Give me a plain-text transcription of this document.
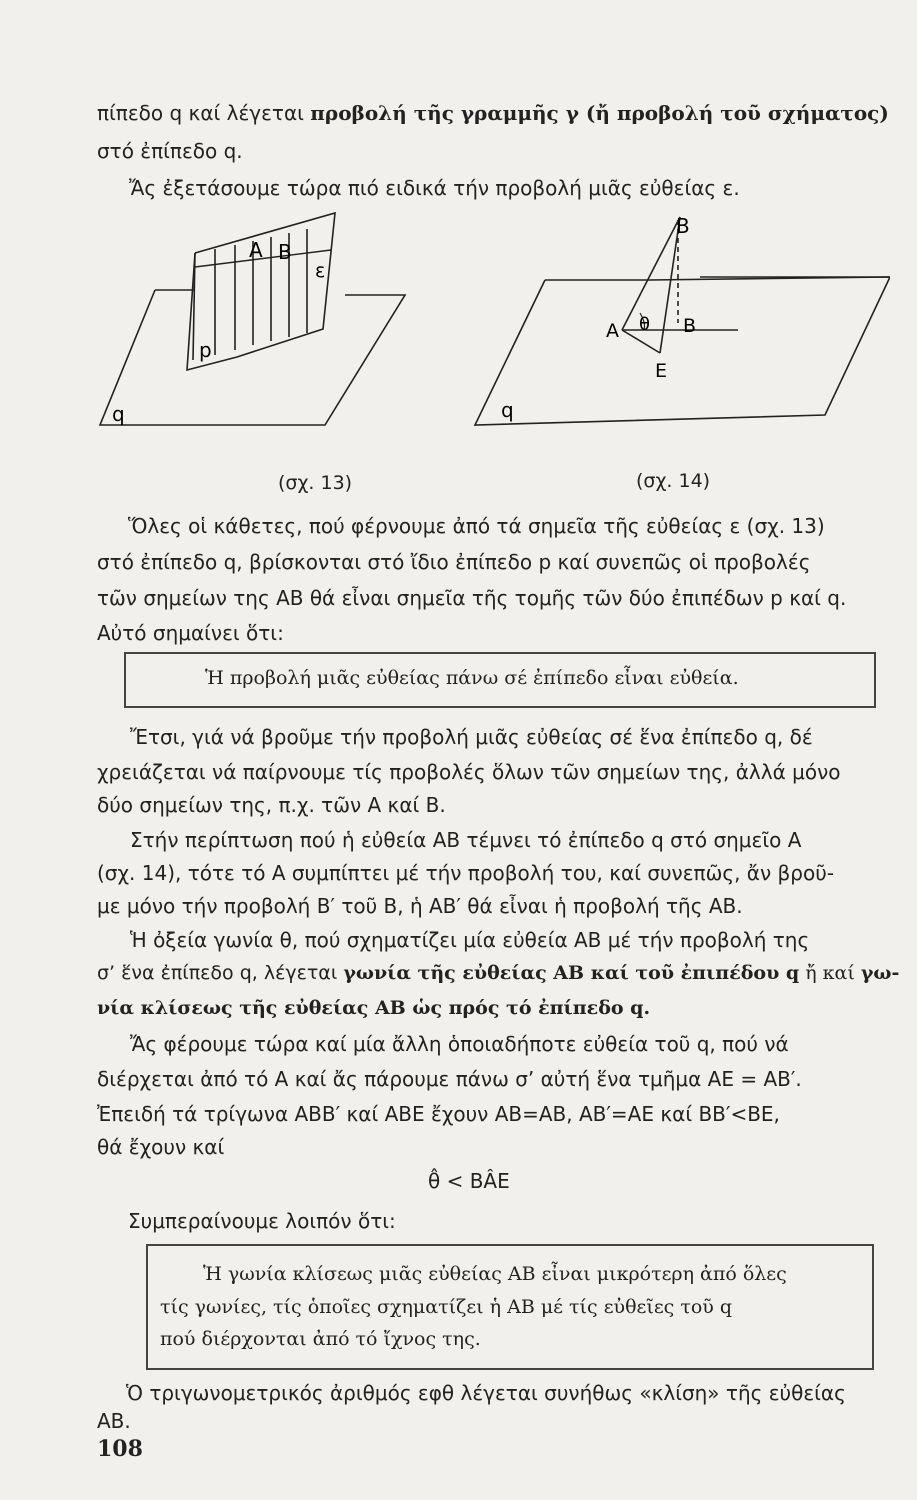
πίπεδο q καί λέγεται προβολή τῆς γραμμῆς γ (ἤ προβολή τοῦ σχήματος)
στό ἐπίπεδο q.
Ἄς ἐξετάσουμε τώρα πιό ειδικά τήν προβολή μιᾶς εὐθείας ε.
A B
ε
p
q
B
A θ B
E
q
(σχ. 13)	(σχ. 14)
Ὅλες οἱ κάθετες, πού φέρνουμε ἀπό τά σημεῖα τῆς εὐθείας ε (σχ. 13)
στό ἐπίπεδο q, βρίσκονται στό ἴδιο ἐπίπεδο p καί συνεπῶς οἱ προβολές
τῶν σημείων της ΑΒ θά εἶναι σημεῖα τῆς τομῆς τῶν δύο ἐπιπέδων p καί q.
Αὐτό σημαίνει ὅτι:
Ἡ προβολή μιᾶς εὐθείας πάνω σέ ἐπίπεδο εἶναι εὐθεία.
Ἔτσι, γιά νά βροῦμε τήν προβολή μιᾶς εὐθείας σέ ἕνα ἐπίπεδο q, δέ
χρειάζεται νά παίρνουμε τίς προβολές ὅλων τῶν σημείων της, ἀλλά μόνο
δύο σημείων της, π.χ. τῶν Α καί Β.
Στήν περίπτωση πού ἡ εὐθεία ΑΒ τέμνει τό ἐπίπεδο q στό σημεῖο Α
(σχ. 14), τότε τό Α συμπίπτει μέ τήν προβολή του, καί συνεπῶς, ἄν βροῦ-
με μόνο τήν προβολή Β′ τοῦ Β, ἡ ΑΒ′ θά εἶναι ἡ προβολή τῆς ΑΒ.
Ἡ ὀξεία γωνία θ, πού σχηματίζει μία εὐθεία ΑΒ μέ τήν προβολή της
σ’ ἕνα ἐπίπεδο q, λέγεται γωνία τῆς εὐθείας ΑΒ καί τοῦ ἐπιπέδου q ἤ καί γω-
νία κλίσεως τῆς εὐθείας ΑΒ ὡς πρός τό ἐπίπεδο q.
Ἄς φέρουμε τώρα καί μία ἄλλη ὁποιαδήποτε εὐθεία τοῦ q, πού νά
διέρχεται ἀπό τό Α καί ἄς πάρουμε πάνω σ’ αὐτή ἕνα τμῆμα ΑΕ = ΑΒ′.
Ἐπειδή τά τρίγωνα ΑΒΒ′ καί ΑΒΕ ἔχουν ΑΒ=ΑΒ, ΑΒ′=ΑΕ καί ΒΒ′<ΒΕ,
θά ἔχουν καί
θ̂ < ΒÂΕ
Συμπεραίνουμε λοιπόν ὅτι:
Ἡ γωνία κλίσεως μιᾶς εὐθείας ΑΒ εἶναι μικρότερη ἀπό ὅλες
τίς γωνίες, τίς ὁποῖες σχηματίζει ἡ ΑΒ μέ τίς εὐθεῖες τοῦ q
πού διέρχονται ἀπό τό ἴχνος της.
Ὁ τριγωνομετρικός ἀριθμός εφθ λέγεται συνήθως «κλίση» τῆς εὐθείας
ΑΒ.
108
